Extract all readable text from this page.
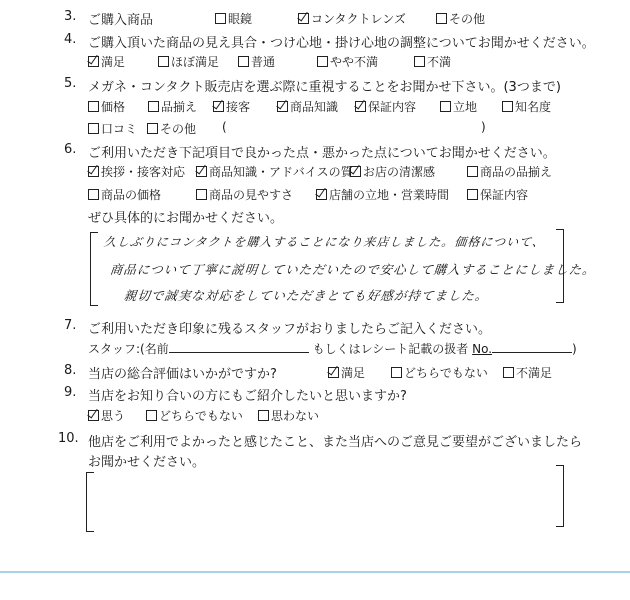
3. ご購入商品	眼鏡	コンタクトレンズ	その他
4. ご購入頂いた商品の見え具合・つけ心地・掛け心地の調整についてお聞かせください。
満足	ほぼ満足	普通	やや不満	不満
5. メガネ・コンタクト販売店を選ぶ際に重視することをお聞かせ下さい。(3つまで)
価格	品揃え	接客	商品知識	保証内容	立地	知名度
口コミ	その他 (	)
6. ご利用いただき下記項目で良かった点・悪かった点についてお聞かせください。
挨拶・接客対応	商品知識・アドバイスの質 お店の清潔感	商品の品揃え
商品の価格	商品の見やすさ	店舗の立地・営業時間	保証内容
ぜひ具体的にお聞かせください。
久しぶりにコンタクトを購入することになり来店しました。価格について、
商品について丁寧に説明していただいたので安心して購入することにしました。
親切で誠実な対応をしていただきとても好感が持てました。
7. ご利用いただき印象に残るスタッフがおりましたらご記入ください。
スタッフ:(名前	もしくはレシート記載の扱者 No.	)
8. 当店の総合評価はいかがですか?	満足	どちらでもない	不満足
9. 当店をお知り合いの方にもご紹介したいと思いますか?
思う	どちらでもない	思わない
10. 他店をご利用でよかったと感じたこと、また当店へのご意見ご要望がございましたら
お聞かせください。
